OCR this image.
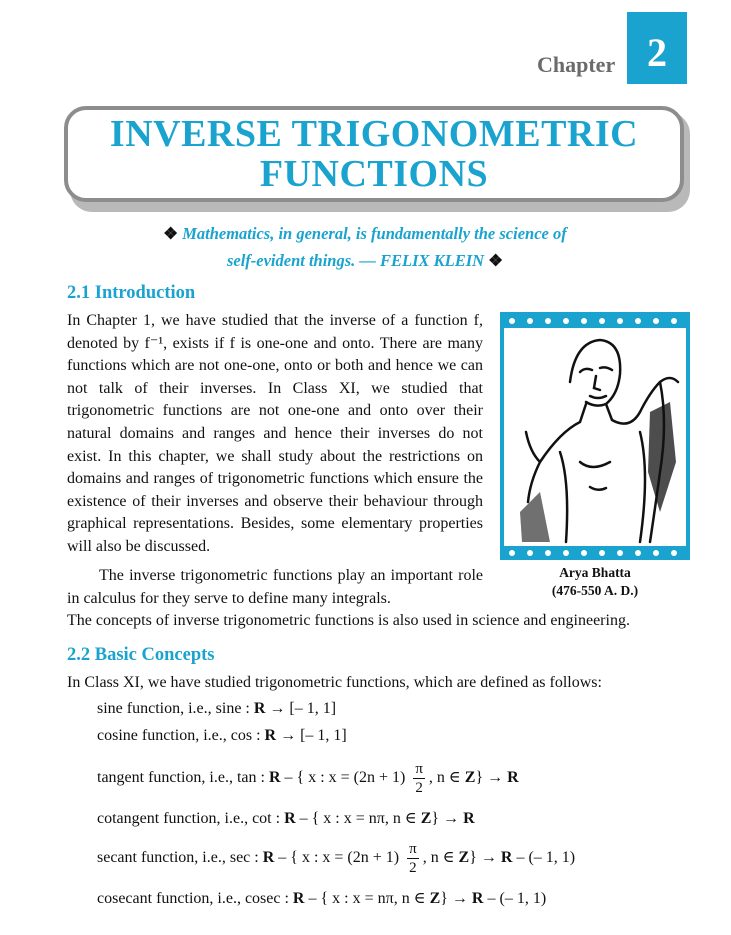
Chapter 2
INVERSE TRIGONOMETRIC
FUNCTIONS
❖ Mathematics, in general, is fundamentally the science of
self-evident things. — FELIX KLEIN ❖
2.1 Introduction
In Chapter 1, we have studied that the inverse of a function f, denoted by f⁻¹, exists if f is one-one and onto. There are many functions which are not one-one, onto or both and hence we can not talk of their inverses. In Class XI, we studied that trigonometric functions are not one-one and onto over their natural domains and ranges and hence their inverses do not exist. In this chapter, we shall study about the restrictions on domains and ranges of trigonometric functions which ensure the existence of their inverses and observe their behaviour through graphical representations. Besides, some elementary properties will also be discussed.
Arya Bhatta
(476-550 A. D.)
The inverse trigonometric functions play an important role in calculus for they serve to define many integrals.
The concepts of inverse trigonometric functions is also used in science and engineering.
2.2 Basic Concepts
In Class XI, we have studied trigonometric functions, which are defined as follows:
sine function, i.e., sine : R → [– 1, 1]
cosine function, i.e., cos : R → [– 1, 1]
tangent function, i.e., tan : R – { x : $x = (2n + 1) \frac{\pi}{2}$ , n ∈ Z} → R
cotangent function, i.e., cot : R – { x : x = nπ, n ∈ Z} → R
secant function, i.e., sec : R – { x : $x = (2n + 1) \frac{\pi}{2}$ , n ∈ Z} → R – (– 1, 1)
cosecant function, i.e., cosec : R – { x : x = nπ, n ∈ Z} → R – (– 1, 1)
